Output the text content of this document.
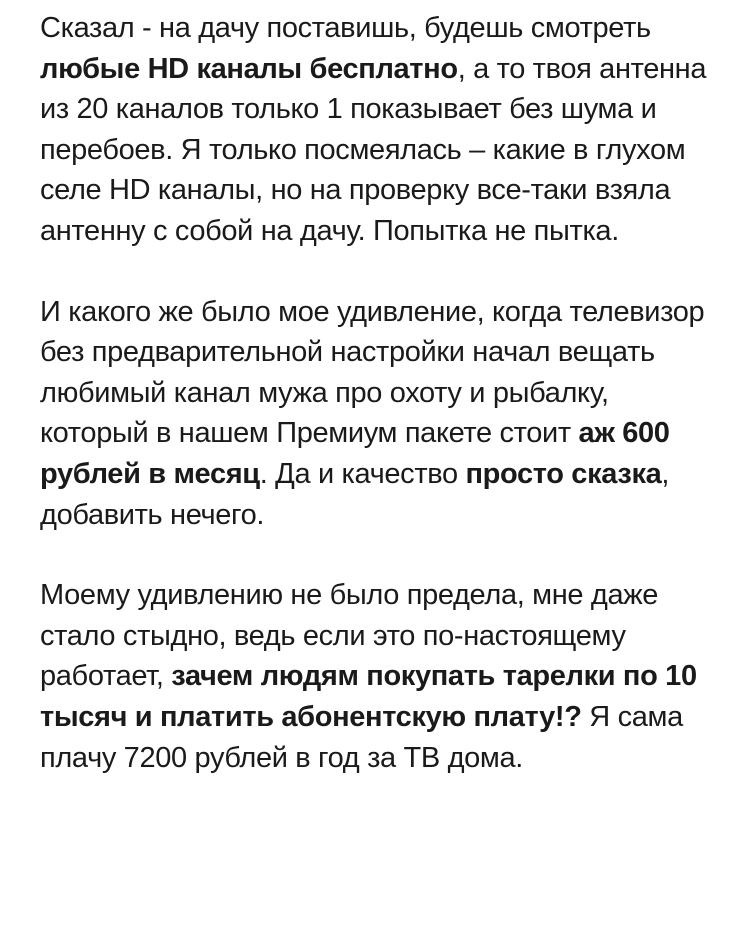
Сказал - на дачу поставишь, будешь смотреть любые HD каналы бесплатно, а то твоя антенна из 20 каналов только 1 показывает без шума и перебоев. Я только посмеялась – какие в глухом селе HD каналы, но на проверку все-таки взяла антенну с собой на дачу. Попытка не пытка.

И какого же было мое удивление, когда телевизор без предварительной настройки начал вещать любимый канал мужа про охоту и рыбалку, который в нашем Премиум пакете стоит аж 600 рублей в месяц. Да и качество просто сказка, добавить нечего.

Моему удивлению не было предела, мне даже стало стыдно, ведь если это по-настоящему работает, зачем людям покупать тарелки по 10 тысяч и платить абонентскую плату!? Я сама плачу 7200 рублей в год за ТВ дома.
